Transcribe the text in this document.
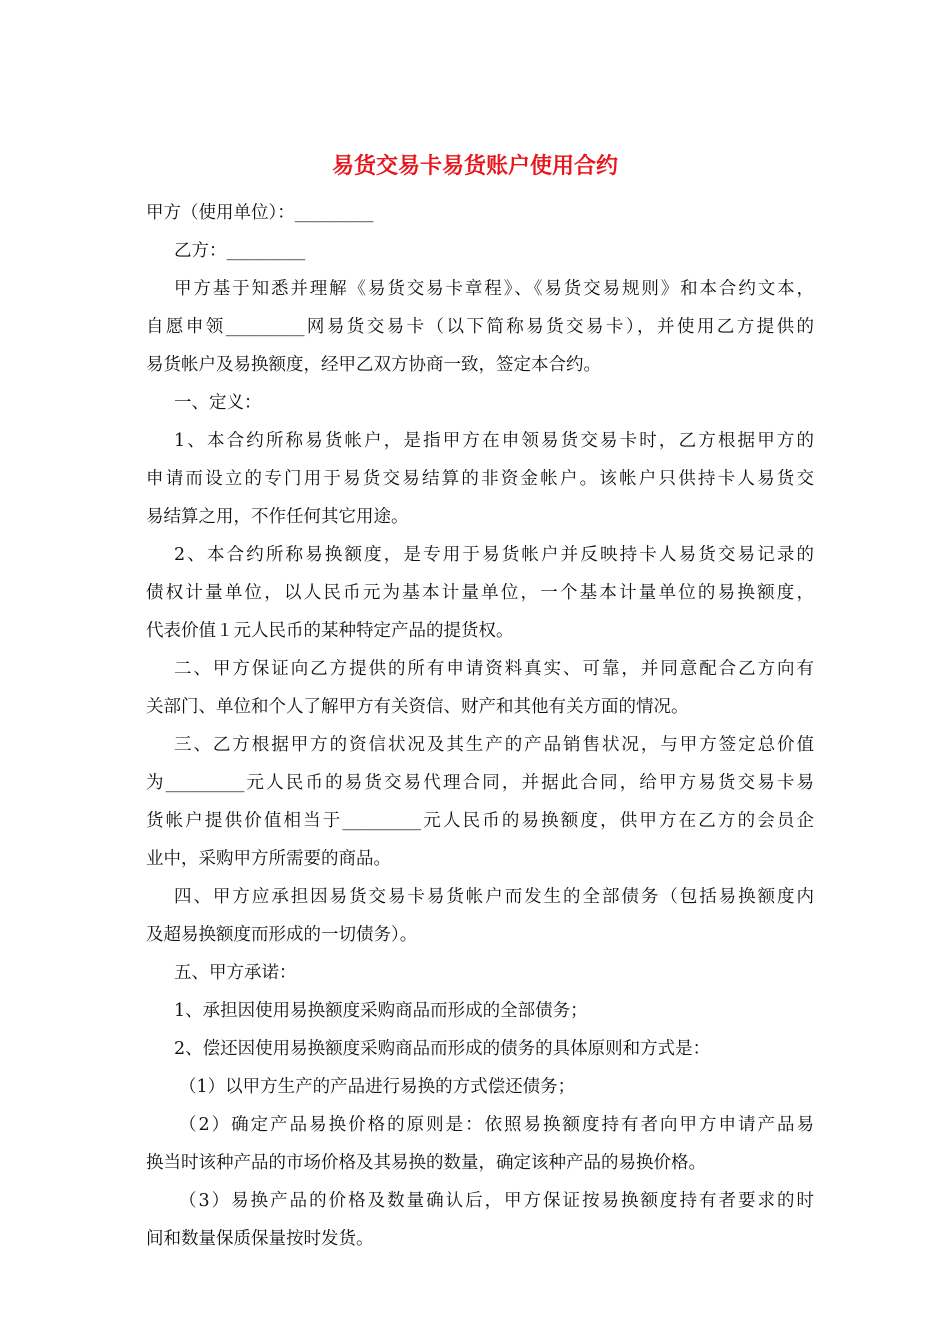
易货交易卡易货账户使用合约
甲方（使用单位）：_________
乙方：_________
甲方基于知悉并理解《易货交易卡章程》、《易货交易规则》和本合约文本，
自愿申领_________网易货交易卡（以下简称易货交易卡），并使用乙方提供的
易货帐户及易换额度，经甲乙双方协商一致，签定本合约。
一、定义：
1、本合约所称易货帐户，是指甲方在申领易货交易卡时，乙方根据甲方的
申请而设立的专门用于易货交易结算的非资金帐户。该帐户只供持卡人易货交
易结算之用，不作任何其它用途。
2、本合约所称易换额度，是专用于易货帐户并反映持卡人易货交易记录的
债权计量单位，以人民币元为基本计量单位，一个基本计量单位的易换额度，
代表价值１元人民币的某种特定产品的提货权。
二、甲方保证向乙方提供的所有申请资料真实、可靠，并同意配合乙方向有
关部门、单位和个人了解甲方有关资信、财产和其他有关方面的情况。
三、乙方根据甲方的资信状况及其生产的产品销售状况，与甲方签定总价值
为_________元人民币的易货交易代理合同，并据此合同，给甲方易货交易卡易
货帐户提供价值相当于_________元人民币的易换额度，供甲方在乙方的会员企
业中，采购甲方所需要的商品。
四、甲方应承担因易货交易卡易货帐户而发生的全部债务（包括易换额度内
及超易换额度而形成的一切债务）。
五、甲方承诺：
1、承担因使用易换额度采购商品而形成的全部债务；
2、偿还因使用易换额度采购商品而形成的债务的具体原则和方式是：
（1）以甲方生产的产品进行易换的方式偿还债务；
（2）确定产品易换价格的原则是：依照易换额度持有者向甲方申请产品易
换当时该种产品的市场价格及其易换的数量，确定该种产品的易换价格。
（3）易换产品的价格及数量确认后，甲方保证按易换额度持有者要求的时
间和数量保质保量按时发货。
